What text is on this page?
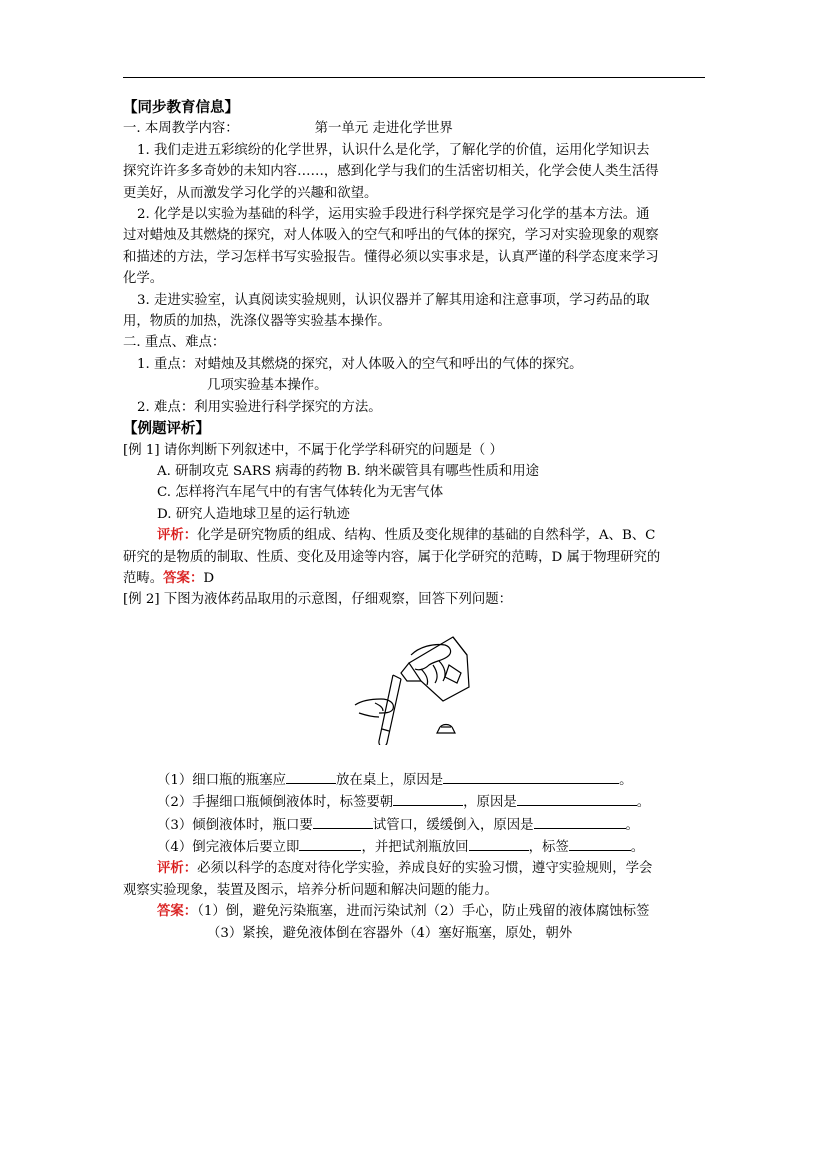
【同步教育信息】
一. 本周教学内容：	第一单元 走进化学世界
1. 我们走进五彩缤纷的化学世界，认识什么是化学，了解化学的价值，运用化学知识去
探究许许多多奇妙的未知内容……，感到化学与我们的生活密切相关，化学会使人类生活得
更美好，从而激发学习化学的兴趣和欲望。
2. 化学是以实验为基础的科学，运用实验手段进行科学探究是学习化学的基本方法。通
过对蜡烛及其燃烧的探究，对人体吸入的空气和呼出的气体的探究，学习对实验现象的观察
和描述的方法，学习怎样书写实验报告。懂得必须以实事求是，认真严谨的科学态度来学习
化学。
3. 走进实验室，认真阅读实验规则，认识仪器并了解其用途和注意事项，学习药品的取
用，物质的加热，洗涤仪器等实验基本操作。
二. 重点、难点：
1. 重点：对蜡烛及其燃烧的探究，对人体吸入的空气和呼出的气体的探究。
几项实验基本操作。
2. 难点：利用实验进行科学探究的方法。
【例题评析】
[例 1] 请你判断下列叙述中，不属于化学学科研究的问题是（ ）
A. 研制攻克 SARS 病毒的药物 B. 纳米碳管具有哪些性质和用途
C. 怎样将汽车尾气中的有害气体转化为无害气体
D. 研究人造地球卫星的运行轨迹
评析：化学是研究物质的组成、结构、性质及变化规律的基础的自然科学，A、B、C
研究的是物质的制取、性质、变化及用途等内容，属于化学研究的范畴，D 属于物理研究的
范畴。答案：D
[例 2] 下图为液体药品取用的示意图，仔细观察，回答下列问题：
（1）细口瓶的瓶塞应	放在桌上，原因是	。
（2）手握细口瓶倾倒液体时，标签要朝	，原因是	。
（3）倾倒液体时，瓶口要	试管口，缓缓倒入，原因是	。
（4）倒完液体后要立即	，并把试剂瓶放回	，标签	。
评析：必须以科学的态度对待化学实验，养成良好的实验习惯，遵守实验规则，学会
观察实验现象，装置及图示，培养分析问题和解决问题的能力。
答案：（1）倒，避免污染瓶塞，进而污染试剂（2）手心，防止残留的液体腐蚀标签
（3）紧挨，避免液体倒在容器外（4）塞好瓶塞，原处，朝外
